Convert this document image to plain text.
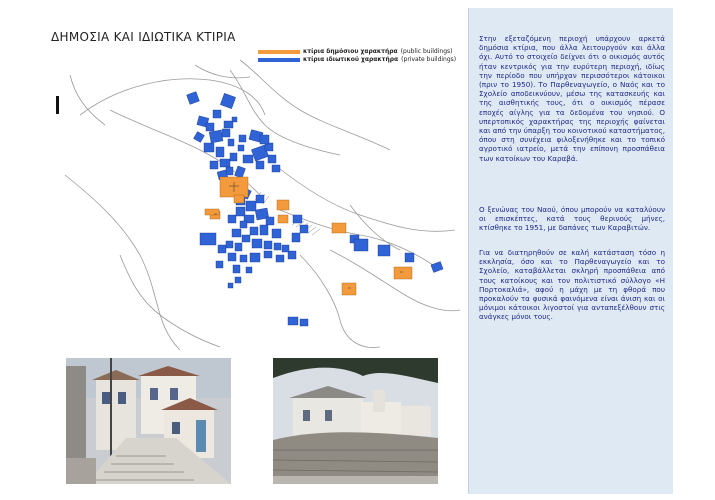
ΔΗΜΟΣΙΑ ΚΑΙ ΙΔΙΩΤΙΚΑ ΚΤΙΡΙΑ
κτίρια δημόσιου χαρακτήρα (public buildings)
κτίρια ιδιωτικού χαρακτήρα (private buildings)

Στην εξεταζόμενη περιοχή υπάρχουν αρκετά δημόσια κτίρια, που άλλα λειτουργούν και άλλα όχι. Αυτό το στοιχείο δείχνει ότι ο οικισμός αυτός ήταν κεντρικός για την ευρύτερη περιοχή, ιδίως την περίοδο που υπήρχαν περισσότεροι κάτοικοι (πριν το 1950). Το Παρθεναγωγείο, ο Ναός και το Σχολείο αποδεικνύουν, μέσω της κατασκευής και της αισθητικής τους, ότι ο οικισμός πέρασε εποχές αίγλης για τα δεδομένα του νησιού. Ο υπερτοπικός χαρακτήρας της περιοχής φαίνεται και από την ύπαρξη του κοινοτικού καταστήματος, όπου στη συνέχεια φιλοξενήθηκε και το τοπικό αγροτικό ιατρείο, μετά την επίπονη προσπάθεια των κατοίκων του Καραβά.

Ο ξενώνας του Ναού, όπου μπορούν να καταλύουν οι επισκέπτες, κατά τους θερινούς μήνες, κτίσθηκε το 1951, με δαπάνες των Καραβιτών.

Για να διατηρηθούν σε καλή κατάσταση τόσο η εκκλησία, όσο και το Παρθεναγωγείο και το Σχολείο, καταβάλλεται σκληρή προσπάθεια από τους κατοίκους και τον πολιτιστικό σύλλογο «Η Πορτοκαλιά», αφού η μάχη με τη φθορά που προκαλούν τα φυσικά φαινόμενα είναι άνιση και οι μόνιμοι κάτοικοι λιγοστοί για ανταπεξέλθουν στις ανάγκες μόνοι τους.
